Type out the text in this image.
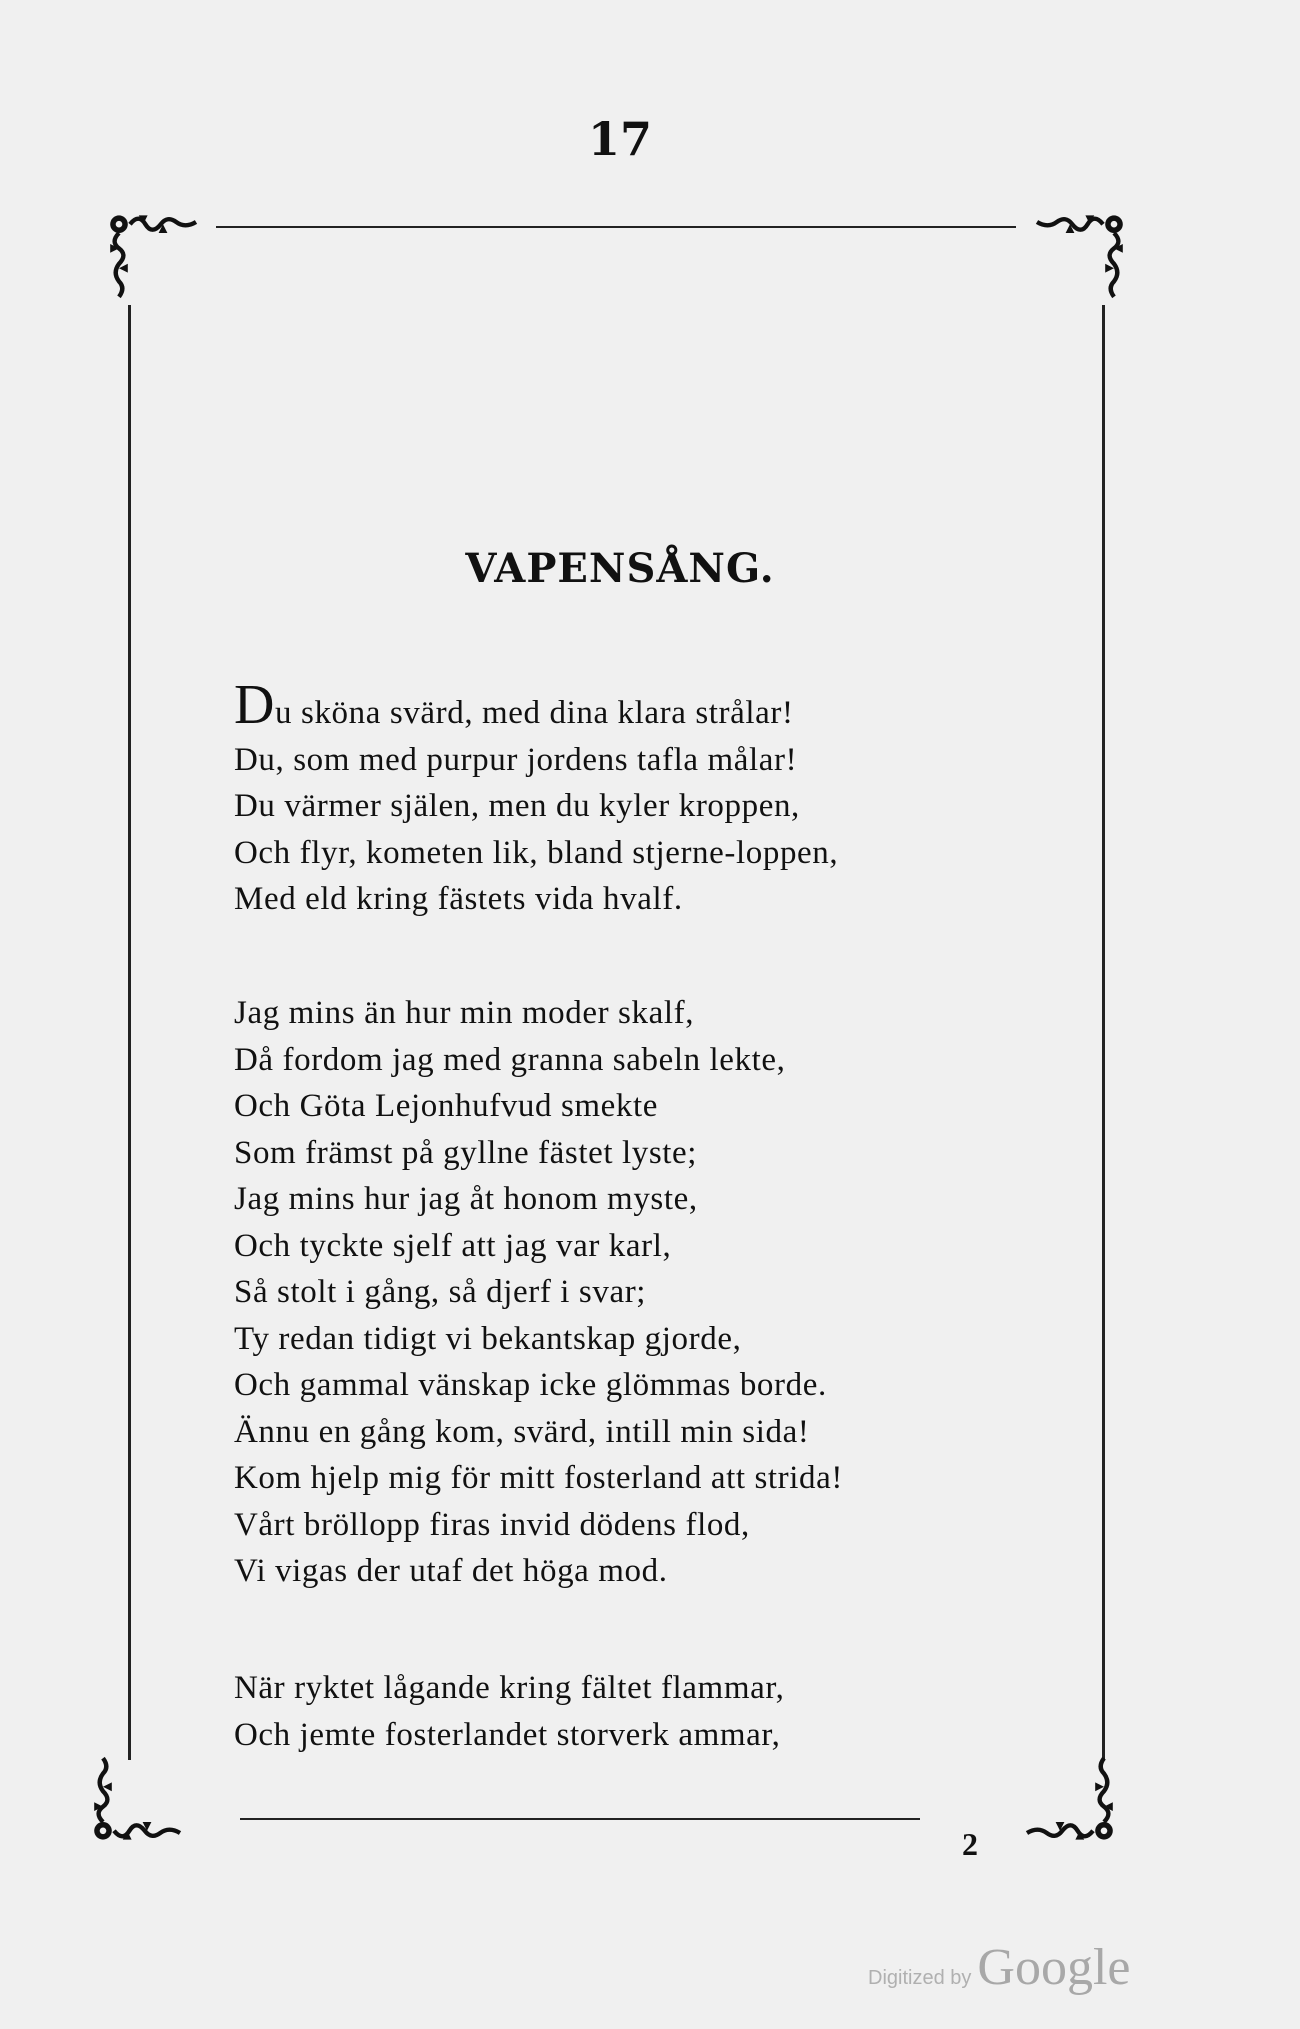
17
VAPENSÅNG.
Du sköna svärd, med dina klara strålar!
Du, som med purpur jordens tafla målar!
Du värmer själen, men du kyler kroppen,
Och flyr, kometen lik, bland stjerne-loppen,
Med eld kring fästets vida hvalf.
Jag mins än hur min moder skalf,
Då fordom jag med granna sabeln lekte,
Och Göta Lejonhufvud smekte
Som främst på gyllne fästet lyste;
Jag mins hur jag åt honom myste,
Och tyckte sjelf att jag var karl,
Så stolt i gång, så djerf i svar;
Ty redan tidigt vi bekantskap gjorde,
Och gammal vänskap icke glömmas borde.
Ännu en gång kom, svärd, intill min sida!
Kom hjelp mig för mitt fosterland att strida!
Vårt bröllopp firas invid dödens flod,
Vi vigas der utaf det höga mod.
När ryktet lågande kring fältet flammar,
Och jemte fosterlandet storverk ammar,
2
Digitized by Google
